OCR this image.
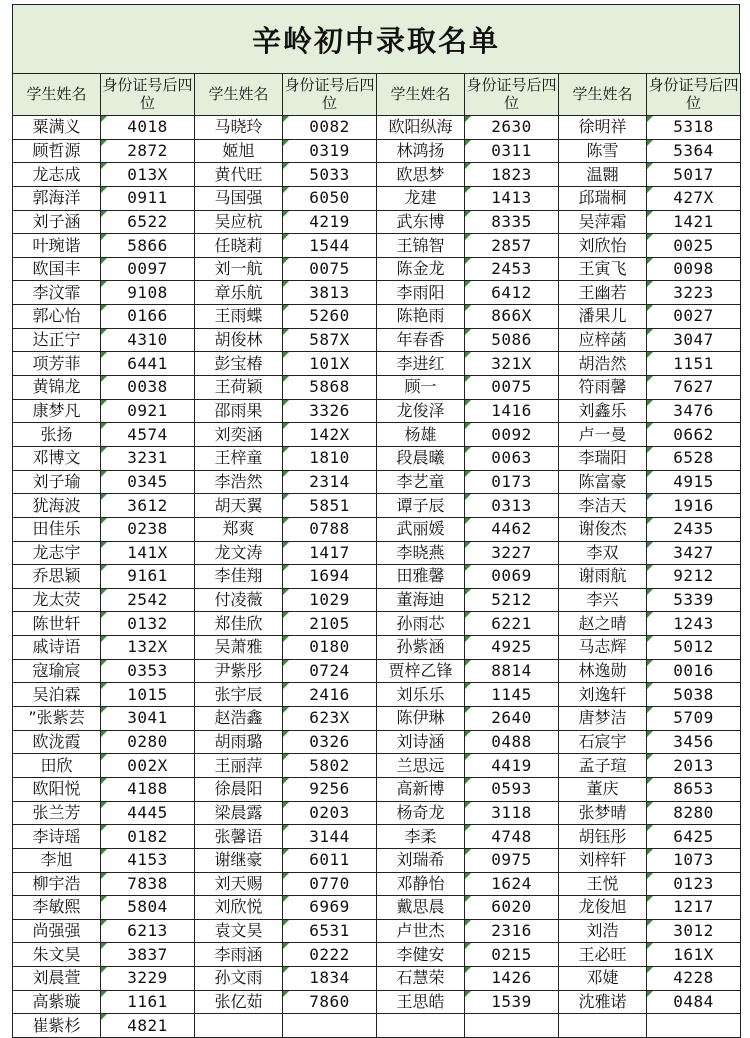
辛岭初中录取名单
学生姓名	身份证号后四位	学生姓名	身份证号后四位	学生姓名	身份证号后四位	学生姓名	身份证号后四位
粟满义	4018	马晓玲	0082	欧阳纵海	2630	徐明祥	5318
顾哲源	2872	姬旭	0319	林鸿扬	0311	陈雪	5364
龙志成	013X	黄代旺	5033	欧思梦	1823	温翾	5017
郭海洋	0911	马国强	6050	龙建	1413	邱瑞桐	427X
刘子涵	6522	吴应杭	4219	武东博	8335	吴萍霜	1421
叶琬谐	5866	任晓莉	1544	王锦智	2857	刘欣怡	0025
欧国丰	0097	刘一航	0075	陈金龙	2453	王寅飞	0098
李汶霏	9108	章乐航	3813	李雨阳	6412	王幽若	3223
郭心怡	0166	王雨蝶	5260	陈艳雨	866X	潘果儿	0027
达正宁	4310	胡俊林	587X	年春香	5086	应梓菡	3047
项芳菲	6441	彭宝椿	101X	李进红	321X	胡浩然	1151
黄锦龙	0038	王荷颖	5868	顾一	0075	符雨馨	7627
康梦凡	0921	邵雨果	3326	龙俊泽	1416	刘鑫乐	3476
张扬	4574	刘奕涵	142X	杨雄	0092	卢一曼	0662
邓博文	3231	王梓童	1810	段晨曦	0063	李瑞阳	6528
刘子瑜	0345	李浩然	2314	李艺童	0173	陈富豪	4915
犹海波	3612	胡天翼	5851	谭子辰	0313	李洁天	1916
田佳乐	0238	郑爽	0788	武丽媛	4462	谢俊杰	2435
龙志宇	141X	龙文涛	1417	李晓燕	3227	李双	3427
乔思颖	9161	李佳翔	1694	田雅馨	0069	谢雨航	9212
龙太荧	2542	付凌薇	1029	董海迪	5212	李兴	5339
陈世轩	0132	郑佳欣	2105	孙雨芯	6221	赵之晴	1243
戚诗语	132X	吴萧雅	0180	孙紫涵	4925	马志辉	5012
寇瑜宸	0353	尹紫彤	0724	贾梓乙锋	8814	林逸勋	0016
吴泊霖	1015	张宇辰	2416	刘乐乐	1145	刘逸轩	5038
”张紫芸	3041	赵浩鑫	623X	陈伊琳	2640	唐梦洁	5709
欧泷霞	0280	胡雨璐	0326	刘诗涵	0488	石宸宇	3456
田欣	002X	王丽萍	5802	兰思远	4419	孟子瑄	2013
欧阳悦	4188	徐晨阳	9256	高新博	0593	董庆	8653
张兰芳	4445	梁晨露	0203	杨奇龙	3118	张梦晴	8280
李诗瑶	0182	张馨语	3144	李柔	4748	胡钰彤	6425
李旭	4153	谢继豪	6011	刘瑞希	0975	刘梓轩	1073
柳宇浩	7838	刘天赐	0770	邓静怡	1624	王悦	0123
李敏熙	5804	刘欣悦	6969	戴思晨	6020	龙俊旭	1217
尚强强	6213	袁文昊	6531	卢世杰	2316	刘浩	3012
朱文昊	3837	李雨涵	0222	李健安	0215	王必旺	161X
刘晨萱	3229	孙文雨	1834	石慧荣	1426	邓婕	4228
高紫璇	1161	张亿茹	7860	王思皓	1539	沈雅诺	0484
崔紫杉	4821						
